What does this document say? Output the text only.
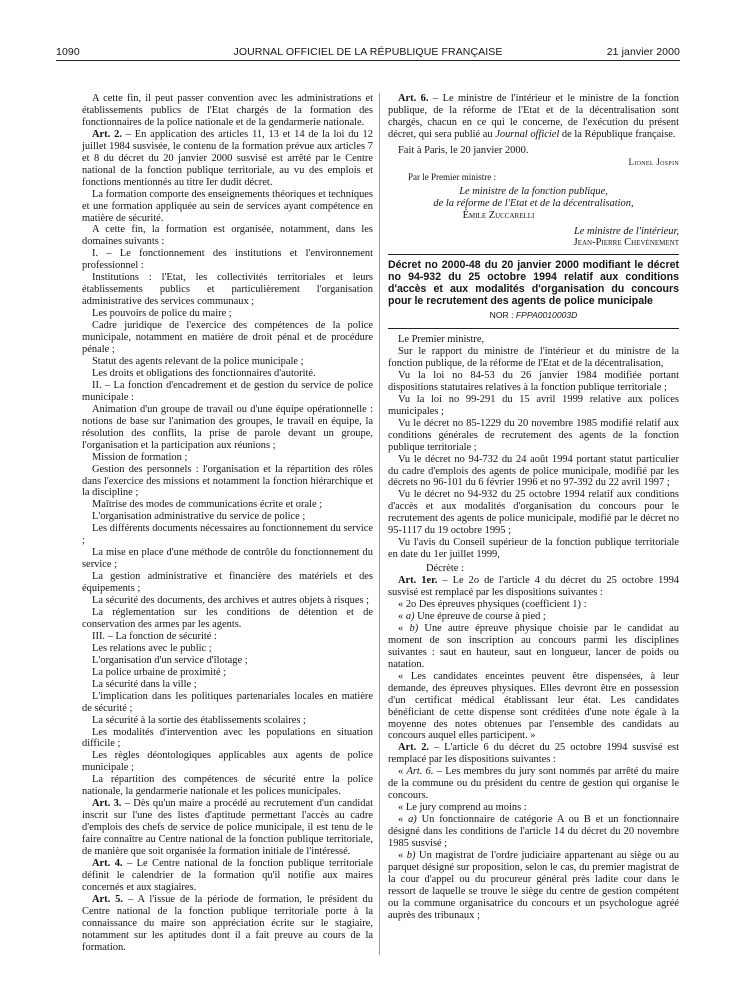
1090	JOURNAL OFFICIEL DE LA RÉPUBLIQUE FRANÇAISE	21 janvier 2000

A cette fin, il peut passer convention avec les administrations et établissements publics de l'Etat chargés de la formation des fonctionnaires de la police nationale et de la gendarmerie nationale.

Art. 2. – En application des articles 11, 13 et 14 de la loi du 12 juillet 1984 susvisée, le contenu de la formation prévue aux articles 7 et 8 du décret du 20 janvier 2000 susvisé est arrêté par le Centre national de la fonction publique territoriale, au vu des emplois et fonctions mentionnés au titre Ier dudit décret.

La formation comporte des enseignements théoriques et techniques et une formation appliquée au sein de services ayant compétence en matière de sécurité.

A cette fin, la formation est organisée, notamment, dans les domaines suivants :

I. – Le fonctionnement des institutions et l'environnement professionnel :

Institutions : l'Etat, les collectivités territoriales et leurs établissements publics et particulièrement l'organisation administrative des services communaux ;

Les pouvoirs de police du maire ;

Cadre juridique de l'exercice des compétences de la police municipale, notamment en matière de droit pénal et de procédure pénale ;

Statut des agents relevant de la police municipale ;

Les droits et obligations des fonctionnaires d'autorité.

II. – La fonction d'encadrement et de gestion du service de police municipale :

Animation d'un groupe de travail ou d'une équipe opérationnelle : notions de base sur l'animation des groupes, le travail en équipe, la résolution des conflits, la prise de parole devant un groupe, l'organisation et la participation aux réunions ;

Mission de formation ;

Gestion des personnels : l'organisation et la répartition des rôles dans l'exercice des missions et notamment la fonction hiérarchique et la discipline ;

Maîtrise des modes de communications écrite et orale ;

L'organisation administrative du service de police ;

Les différents documents nécessaires au fonctionnement du service ;

La mise en place d'une méthode de contrôle du fonctionnement du service ;

La gestion administrative et financière des matériels et des équipements ;

La sécurité des documents, des archives et autres objets à risques ;

La réglementation sur les conditions de détention et de conservation des armes par les agents.

III. – La fonction de sécurité :

Les relations avec le public ;

L'organisation d'un service d'îlotage ;

La police urbaine de proximité ;

La sécurité dans la ville ;

L'implication dans les politiques partenariales locales en matière de sécurité ;

La sécurité à la sortie des établissements scolaires ;

Les modalités d'intervention avec les populations en situation difficile ;

Les règles déontologiques applicables aux agents de police municipale ;

La répartition des compétences de sécurité entre la police nationale, la gendarmerie nationale et les polices municipales.

Art. 3. – Dès qu'un maire a procédé au recrutement d'un candidat inscrit sur l'une des listes d'aptitude permettant l'accès au cadre d'emplois des chefs de service de police municipale, il est tenu de le faire connaître au Centre national de la fonction publique territoriale, de manière que soit organisée la formation initiale de l'intéressé.

Art. 4. – Le Centre national de la fonction publique territoriale définit le calendrier de la formation qu'il notifie aux maires concernés et aux stagiaires.

Art. 5. – A l'issue de la période de formation, le président du Centre national de la fonction publique territoriale porte à la connaissance du maire son appréciation écrite sur le stagiaire, notamment sur les aptitudes dont il a fait preuve au cours de la formation.

Art. 6. – Le ministre de l'intérieur et le ministre de la fonction publique, de la réforme de l'Etat et de la décentralisation sont chargés, chacun en ce qui le concerne, de l'exécution du présent décret, qui sera publié au Journal officiel de la République française.

Fait à Paris, le 20 janvier 2000.

Lionel Jospin

Par le Premier ministre :

Le ministre de la fonction publique,

de la réforme de l'Etat et de la décentralisation,

Émile Zuccarelli

Le ministre de l'intérieur,

Jean-Pierre Chevènement

Décret no 2000-48 du 20 janvier 2000 modifiant le décret no 94-932 du 25 octobre 1994 relatif aux conditions d'accès et aux modalités d'organisation du concours pour le recrutement des agents de police municipale

NOR : FPPA0010003D

Le Premier ministre,

Sur le rapport du ministre de l'intérieur et du ministre de la fonction publique, de la réforme de l'Etat et de la décentralisation,

Vu la loi no 84-53 du 26 janvier 1984 modifiée portant dispositions statutaires relatives à la fonction publique territoriale ;

Vu la loi no 99-291 du 15 avril 1999 relative aux polices municipales ;

Vu le décret no 85-1229 du 20 novembre 1985 modifié relatif aux conditions générales de recrutement des agents de la fonction publique territoriale ;

Vu le décret no 94-732 du 24 août 1994 portant statut particulier du cadre d'emplois des agents de police municipale, modifié par les décrets no 96-101 du 6 février 1996 et no 97-392 du 22 avril 1997 ;

Vu le décret no 94-932 du 25 octobre 1994 relatif aux conditions d'accès et aux modalités d'organisation du concours pour le recrutement des agents de police municipale, modifié par le décret no 95-1117 du 19 octobre 1995 ;

Vu l'avis du Conseil supérieur de la fonction publique territoriale en date du 1er juillet 1999,

Décrète :

Art. 1er. – Le 2o de l'article 4 du décret du 25 octobre 1994 susvisé est remplacé par les dispositions suivantes :

« 2o Des épreuves physiques (coefficient 1) :

« a) Une épreuve de course à pied ;

« b) Une autre épreuve physique choisie par le candidat au moment de son inscription au concours parmi les disciplines suivantes : saut en hauteur, saut en longueur, lancer de poids ou natation.

« Les candidates enceintes peuvent être dispensées, à leur demande, des épreuves physiques. Elles devront être en possession d'un certificat médical établissant leur état. Les candidates bénéficiant de cette dispense sont créditées d'une note égale à la moyenne des notes obtenues par l'ensemble des candidats au concours auquel elles participent. »

Art. 2. – L'article 6 du décret du 25 octobre 1994 susvisé est remplacé par les dispositions suivantes :

« Art. 6. – Les membres du jury sont nommés par arrêté du maire de la commune ou du président du centre de gestion qui organise le concours.

« Le jury comprend au moins :

« a) Un fonctionnaire de catégorie A ou B et un fonctionnaire désigné dans les conditions de l'article 14 du décret du 20 novembre 1985 susvisé ;

« b) Un magistrat de l'ordre judiciaire appartenant au siège ou au parquet désigné sur proposition, selon le cas, du premier magistrat de la cour d'appel ou du procureur général près ladite cour dans le ressort de laquelle se trouve le siège du centre de gestion compétent ou la commune organisatrice du concours et un psychologue agréé auprès des tribunaux ;
